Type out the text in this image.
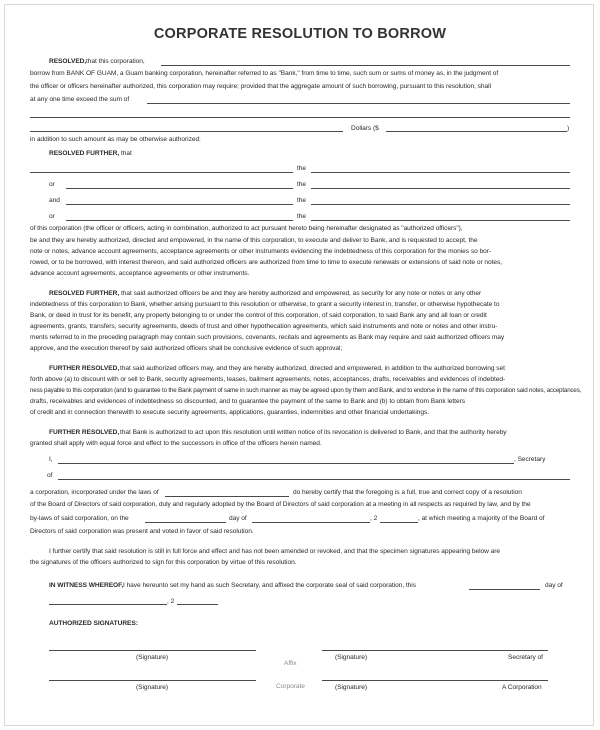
CORPORATE RESOLUTION TO BORROW
RESOLVED, that this corporation,
borrow from BANK OF GUAM, a Guam banking corporation, hereinafter referred to as "Bank," from time to time, such sum or sums of money as, in the judgment of
the officer or officers hereinafter authorized, this corporation may require; provided that the aggregate amount of such borrowing, pursuant to this resolution, shall
at any one time exceed the sum of
Dollars ($	)
in addition to such amount as may be otherwise authorized:
RESOLVED FURTHER, that
the
or	the
and	the
or	the
of this corporation (the officer or officers, acting in combination, authorized to act pursuant hereto being hereinafter designated as "authorized officers"),
be and they are hereby authorized, directed and empowered, in the name of this corporation, to execute and deliver to Bank, and is requested to accept, the
note or notes, advance account agreements, acceptance agreements or other instruments evidencing the indebtedness of this corporation for the monies so bor-
rowed, or to be borrowed, with interest thereon, and said authorized officers are authorized from time to time to execute renewals or extensions of said note or notes,
advance account agreements, acceptance agreements or other instruments.
RESOLVED FURTHER, that said authorized officers be and they are hereby authorized and empowered, as security for any note or notes or any other
indebtedness of this corporation to Bank, whether arising pursuant to this resolution or otherwise, to grant a security interest in, transfer, or otherwise hypothecate to
Bank, or deed in trust for its benefit, any property belonging to or under the control of this corporation, of said corporation, to said Bank any and all loan or credit
agreements, grants, transfers, security agreements, deeds of trust and other hypothecation agreements, which said instruments and note or notes and other instru-
ments referred to in the preceding paragraph may contain such provisions, covenants, recitals and agreements as Bank may require and said authorized officers may
approve, and the execution thereof by said authorized officers shall be conclusive evidence of such approval;
FURTHER RESOLVED, that said authorized officers may, and they are hereby authorized, directed and empowered, in addition to the authorized borrowing set
forth above (a) to discount with or sell to Bank, security agreements, leases, bailment agreements, notes, acceptances, drafts, receivables and evidences of indebted-
ness payable to this corporation (and to guarantee to the Bank payment of same in such manner as may be agreed upon by them and Bank, and to endorse in the name of this corporation said notes, acceptances,
drafts, receivables and evidences of indebtedness so discounted, and to guarantee the payment of the same to Bank and (b) to obtain from Bank letters
of credit and in connection therewith to execute security agreements, applications, guaranties, indemnities and other financial undertakings.
FURTHER RESOLVED, that Bank is authorized to act upon this resolution until written notice of its revocation is delivered to Bank, and that the authority hereby
granted shall apply with equal force and effect to the successors in office of the officers herein named.
I,	, Secretary
of
a corporation, incorporated under the laws of	do hereby certify that the foregoing is a full, true and correct copy of a resolution
of the Board of Directors of said corporation, duly and regularly adopted by the Board of Directors of said corporation at a meeting in all respects as required by law, and by the
by-laws of said corporation, on the	day of	, 2	, at which meeting a majority of the Board of
Directors of said corporation was present and voted in favor of said resolution.
I further certify that said resolution is still in full force and effect and has not been amended or revoked, and that the specimen signatures appearing below are
the signatures of the officers authorized to sign for this corporation by virtue of this resolution.
IN WITNESS WHEREOF, I have hereunto set my hand as such Secretary, and affixed the corporate seal of said corporation, this	day of
, 2
AUTHORIZED SIGNATURES:
(Signature)	(Signature)	Secretary of
Affix
(Signature)	(Signature)	A Corporation
Corporate
